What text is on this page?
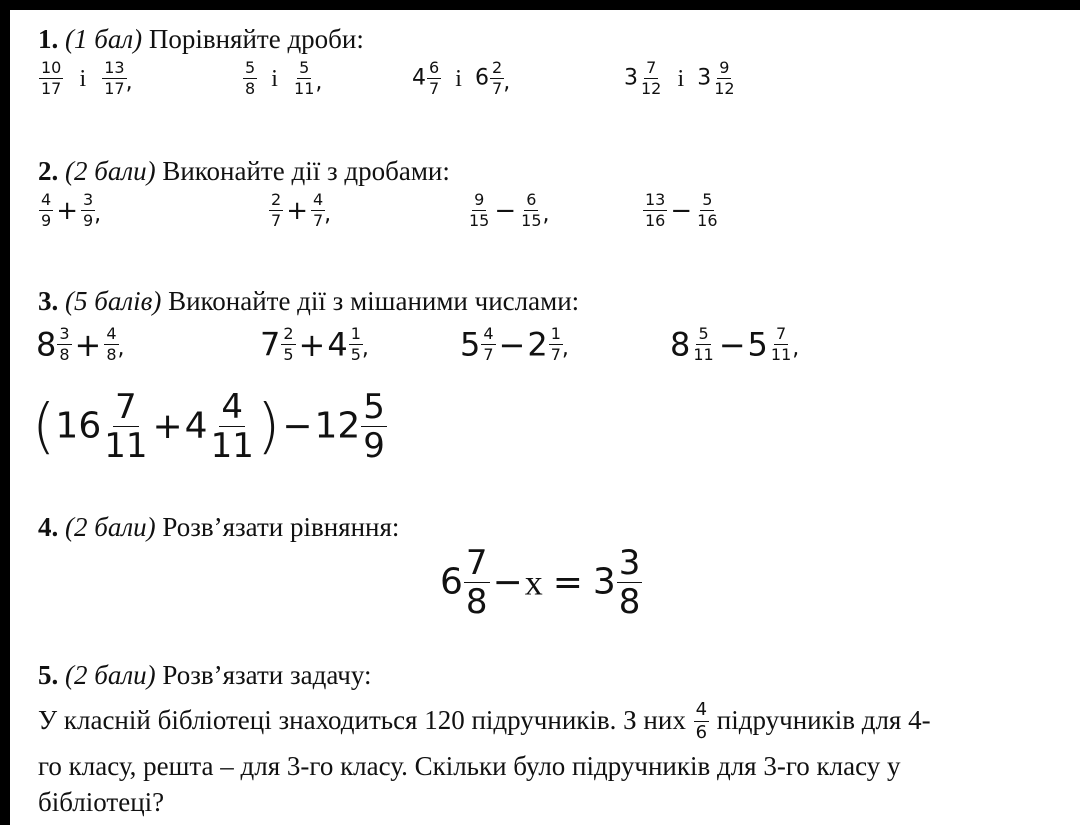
1. (1 бал) Порівняйте дроби:
$\frac{10}{17}$ і $\frac{13}{17}$ ,	$\frac{5}{8}$ і $\frac{5}{11}$ ,	$4 \frac{6}{7}$ і $6 \frac{2}{7}$ ,	$3 \frac{7}{12}$ і $3 \frac{9}{12}$
2. (2 бали) Виконайте дії з дробами:
$\frac{4}{9} + \frac{3}{9}$ ,	$\frac{2}{7} + \frac{4}{7}$ ,	$\frac{9}{15} - \frac{6}{15}$ ,	$\frac{13}{16} - \frac{5}{16}$
3. (5 балів) Виконайте дії з мішаними числами:
$8 \frac{3}{8} + \frac{4}{8}$ ,	$7 \frac{2}{5} +4 \frac{1}{5}$ ,	$5 \frac{4}{7} -2 \frac{1}{7}$ ,	$8 \frac{5}{11} -5 \frac{7}{11}$ ,
$(16 \frac{7}{11} +4 \frac{4}{11} )-12 \frac{5}{9}$
4. (2 бали) Розв’язати рівняння:
$6 \frac{7}{8} -x = 3 \frac{3}{8}$
5. (2 бали) Розв’язати задачу:
У класній бібліотеці знаходиться 120 підручників. З них $\frac{4}{6}$ підручників для 4-
го класу, решта – для 3-го класу. Скільки було підручників для 3-го класу у
бібліотеці?
